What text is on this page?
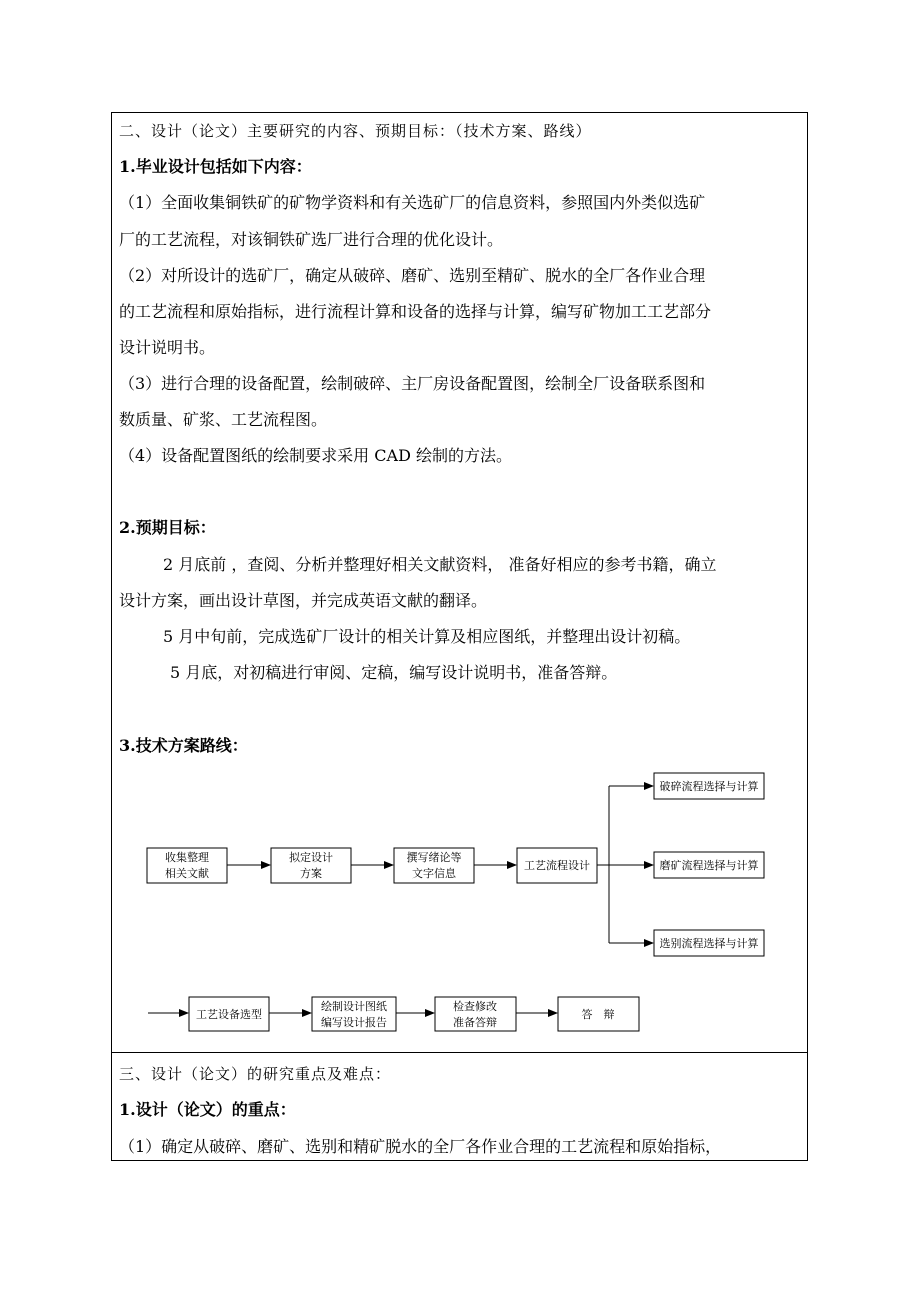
二、设计（论文）主要研究的内容、预期目标：（技术方案、路线）
1.毕业设计包括如下内容：
（1）全面收集铜铁矿的矿物学资料和有关选矿厂的信息资料，参照国内外类似选矿
厂的工艺流程，对该铜铁矿选厂进行合理的优化设计。
（2）对所设计的选矿厂，确定从破碎、磨矿、选别至精矿、脱水的全厂各作业合理
的工艺流程和原始指标，进行流程计算和设备的选择与计算，编写矿物加工工艺部分
设计说明书。
（3）进行合理的设备配置，绘制破碎、主厂房设备配置图，绘制全厂设备联系图和
数质量、矿浆、工艺流程图。
（4）设备配置图纸的绘制要求采用 CAD 绘制的方法。
2.预期目标：
2 月底前 ，查阅、分析并整理好相关文献资料， 准备好相应的参考书籍，确立
设计方案，画出设计草图，并完成英语文献的翻译。
5 月中旬前，完成选矿厂设计的相关计算及相应图纸，并整理出设计初稿。
5 月底，对初稿进行审阅、定稿，编写设计说明书，准备答辩。
3.技术方案路线：
收集整理
相关文献
拟定设计
方案
撰写绪论等
文字信息
工艺流程设计
破碎流程选择与计算
磨矿流程选择与计算
选别流程选择与计算
工艺设备选型
绘制设计图纸
编写设计报告
检查修改
准备答辩
答　辩
三、设计（论文）的研究重点及难点：
1.设计（论文）的重点：
（1）确定从破碎、磨矿、选别和精矿脱水的全厂各作业合理的工艺流程和原始指标，
